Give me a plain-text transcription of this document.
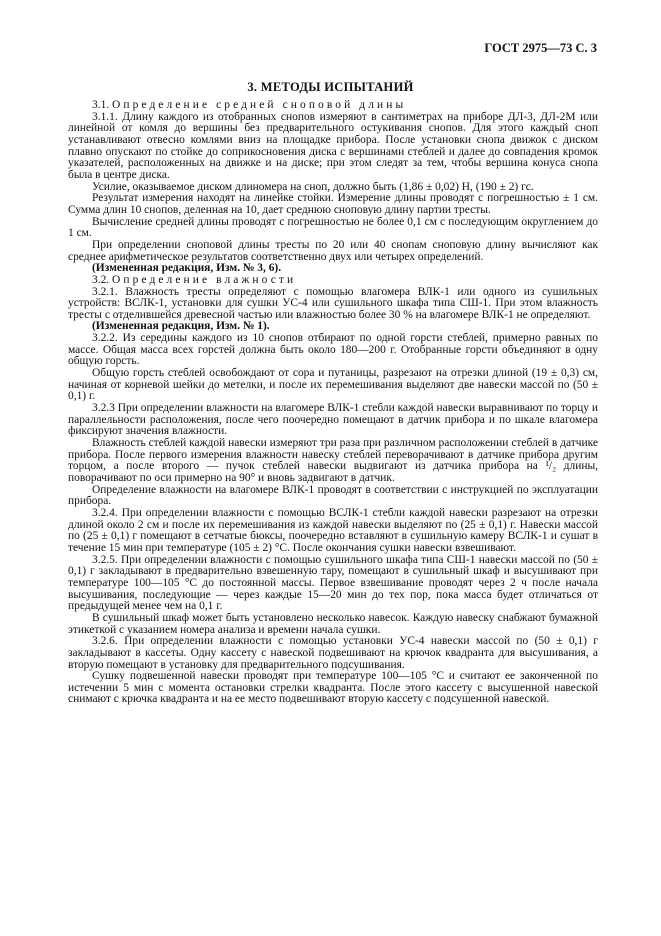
ГОСТ 2975—73 С. 3
3. МЕТОДЫ ИСПЫТАНИЙ

3.1. Определение средней сноповой длины

3.1.1. Длину каждого из отобранных снопов измеряют в сантиметрах на приборе ДЛ-3, ДЛ-2М или линейной от комля до вершины без предварительного остукивания снопов. Для этого каждый сноп устанавливают отвесно комлями вниз на площадке прибора. После установки снопа движок с диском плавно опускают по стойке до соприкосновения диска с вершинами стеблей и далее до совпадения кромок указателей, расположенных на движке и на диске; при этом следят за тем, чтобы вершина конуса снопа была в центре диска.

Усилие, оказываемое диском длиномера на сноп, должно быть (1,86 ± 0,02) Н, (190 ± 2) гс.

Результат измерения находят на линейке стойки. Измерение длины проводят с погрешностью ± 1 см. Сумма длин 10 снопов, деленная на 10, дает среднюю сноповую длину партии тресты.

Вычисление средней длины проводят с погрешностью не более 0,1 см с последующим округлением до 1 см.

При определении сноповой длины тресты по 20 или 40 снопам сноповую длину вычисляют как среднее арифметическое результатов соответственно двух или четырех определений.

(Измененная редакция, Изм. № 3, 6).

3.2. Определение влажности

3.2.1. Влажность тресты определяют с помощью влагомера ВЛК-1 или одного из сушильных устройств: ВСЛК-1, установки для сушки УС-4 или сушильного шкафа типа СШ-1. При этом влажность тресты с отделившейся древесной частью или влажностью более 30 % на влагомере ВЛК-1 не определяют.

(Измененная редакция, Изм. № 1).

3.2.2. Из середины каждого из 10 снопов отбирают по одной горсти стеблей, примерно равных по массе. Общая масса всех горстей должна быть около 180—200 г. Отобранные горсти объединяют в одну общую горсть.

Общую горсть стеблей освобождают от сора и путаницы, разрезают на отрезки длиной (19 ± 0,3) см, начиная от корневой шейки до метелки, и после их перемешивания выделяют две навески массой по (50 ± 0,1) г.

3.2.3 При определении влажности на влагомере ВЛК-1 стебли каждой навески выравнивают по торцу и параллельности расположения, после чего поочередно помещают в датчик прибора и по шкале влагомера фиксируют значения влажности.

Влажность стеблей каждой навески измеряют три раза при различном расположении стеблей в датчике прибора. После первого измерения влажности навеску стеблей переворачивают в датчике прибора другим торцом, а после второго — пучок стеблей навески выдвигают из датчика прибора на ¹/₂ длины, поворачивают по оси примерно на 90° и вновь задвигают в датчик.

Определение влажности на влагомере ВЛК-1 проводят в соответствии с инструкцией по эксплуатации прибора.

3.2.4. При определении влажности с помощью ВСЛК-1 стебли каждой навески разрезают на отрезки длиной около 2 см и после их перемешивания из каждой навески выделяют по (25 ± 0,1) г. Навески массой по (25 ± 0,1) г помещают в сетчатые бюксы, поочередно вставляют в сушильную камеру ВСЛК-1 и сушат в течение 15 мин при температуре (105 ± 2) °С. После окончания сушки навески взвешивают.

3.2.5. При определении влажности с помощью сушильного шкафа типа СШ-1 навески массой по (50 ± 0,1) г закладывают в предварительно взвешенную тару, помещают в сушильный шкаф и высушивают при температуре 100—105 °С до постоянной массы. Первое взвешивание проводят через 2 ч после начала высушивания, последующие — через каждые 15—20 мин до тех пор, пока масса будет отличаться от предыдущей менее чем на 0,1 г.

В сушильный шкаф может быть установлено несколько навесок. Каждую навеску снабжают бумажной этикеткой с указанием номера анализа и времени начала сушки.

3.2.6. При определении влажности с помощью установки УС-4 навески массой по (50 ± 0,1) г закладывают в кассеты. Одну кассету с навеской подвешивают на крючок квадранта для высушивания, а вторую помещают в установку для предварительного подсушивания.

Сушку подвешенной навески проводят при температуре 100—105 °С и считают ее законченной по истечении 5 мин с момента остановки стрелки квадранта. После этого кассету с высушенной навеской снимают с крючка квадранта и на ее место подвешивают вторую кассету с подсушенной навеской.
